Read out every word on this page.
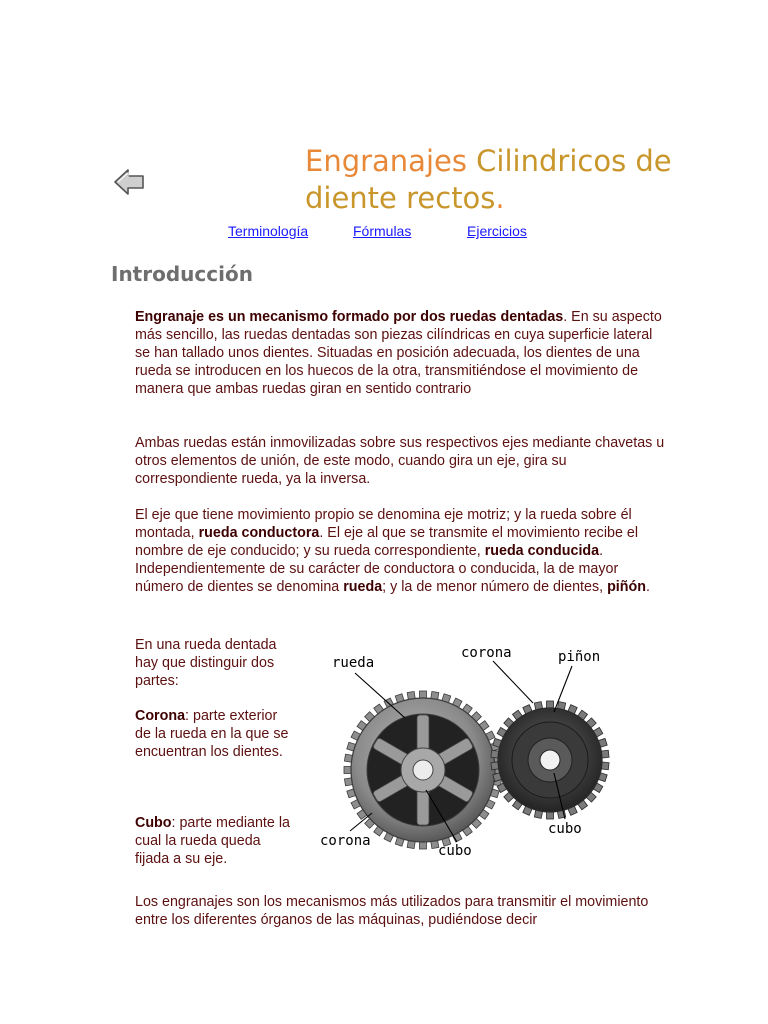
Engranajes Cilindricos de diente rectos.
Terminología	Fórmulas	Ejercicios
Introducción

Engranaje es un mecanismo formado por dos ruedas dentadas. En su aspecto más sencillo, las ruedas dentadas son piezas cilíndricas en cuya superficie lateral se han tallado unos dientes. Situadas en posición adecuada, los dientes de una rueda se introducen en los huecos de la otra, transmitiéndose el movimiento de manera que ambas ruedas giran en sentido contrario

Ambas ruedas están inmovilizadas sobre sus respectivos ejes mediante chavetas u otros elementos de unión, de este modo, cuando gira un eje, gira su correspondiente rueda, ya la inversa.

El eje que tiene movimiento propio se denomina eje motriz; y la rueda sobre él montada, rueda conductora. El eje al que se transmite el movimiento recibe el nombre de eje conducido; y su rueda correspondiente, rueda conducida. Independientemente de su carácter de conductora o conducida, la de mayor número de dientes se denomina rueda; y la de menor número de dientes, piñón.

En una rueda dentada hay que distinguir dos partes:

Corona: parte exterior de la rueda en la que se encuentran los dientes.

Cubo: parte mediante la cual la rueda queda fijada a su eje.

rueda
corona	piñon
corona
cubo
cubo

Los engranajes son los mecanismos más utilizados para transmitir el movimiento entre los diferentes órganos de las máquinas, pudiéndose decir
